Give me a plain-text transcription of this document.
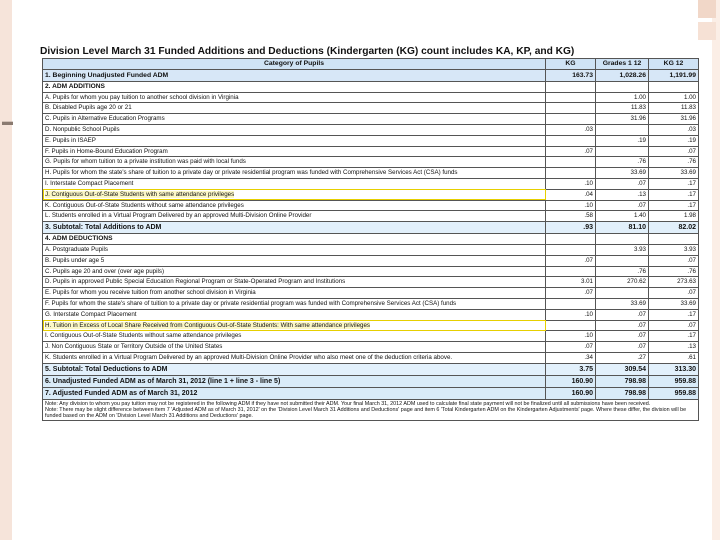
▬
Division Level March 31 Funded Additions and Deductions (Kindergarten (KG) count includes KA, KP, and KG)
Category of Pupils	KG	Grades 1 12	KG 12
1. Beginning Unadjusted Funded ADM	163.73	1,028.26	1,191.99
2. ADM ADDITIONS			
A. Pupils for whom you pay tuition to another school division in Virginia		1.00	1.00
B. Disabled Pupils age 20 or 21		11.83	11.83
C. Pupils in Alternative Education Programs		31.96	31.96
D. Nonpublic School Pupils	.03		.03
E. Pupils in ISAEP		.19	.19
F. Pupils in Home-Bound Education Program	.07		.07
G. Pupils for whom tuition to a private institution was paid with local funds		.76	.76
H. Pupils for whom the state's share of tuition to a private day or private residential program was funded with Comprehensive Services Act (CSA) funds		33.69	33.69
I. Interstate Compact Placement	.10	.07	.17
J. Contiguous Out-of-State Students with same attendance privileges	.04	.13	.17
K. Contiguous Out-of-State Students without same attendance privileges	.10	.07	.17
L. Students enrolled in a Virtual Program Delivered by an approved Multi-Division Online Provider	.58	1.40	1.98
3. Subtotal: Total Additions to ADM	.93	81.10	82.02
4. ADM DEDUCTIONS			
A. Postgraduate Pupils		3.93	3.93
B. Pupils under age 5	.07		.07
C. Pupils age 20 and over (over age pupils)		.76	.76
D. Pupils in approved Public Special Education Regional Program or State-Operated Program and Institutions	3.01	270.62	273.63
E. Pupils for whom you receive tuition from another school division in Virginia	.07		.07
F. Pupils for whom the state's share of tuition to a private day or private residential program was funded with Comprehensive Services Act (CSA) funds		33.69	33.69
G. Interstate Compact Placement	.10	.07	.17
H. Tuition in Excess of Local Share Received from Contiguous Out-of-State Students: With same attendance privileges		.07	.07
I. Contiguous Out-of-State Students without same attendance privileges	.10	.07	.17
J. Non Contiguous State or Territory Outside of the United States	.07	.07	.13
K. Students enrolled in a Virtual Program Delivered by an approved Multi-Division Online Provider who also meet one of the deduction criteria above.	.34	.27	.61
5. Subtotal: Total Deductions to ADM	3.75	309.54	313.30
6. Unadjusted Funded ADM as of March 31, 2012 (line 1 + line 3 - line 5)	160.90	798.98	959.88
7. Adjusted Funded ADM as of March 31, 2012	160.90	798.98	959.88

Note: Any division to whom you pay tuition may not be registered in the following ADM if they have not submitted their ADM. Your final March 31, 2012 ADM used to calculate final state payment will not be finalized until all submissions have been received.
Note: There may be slight difference between item 7 'Adjusted ADM as of March 31, 2012' on the 'Division Level March 31 Additions and Deductions' page and item 6 'Total Kindergarten ADM on the Kindergarten Adjustments' page. Where these differ, the division will be funded based on the ADM on 'Division Level March 31 Additions and Deductions' page.			
